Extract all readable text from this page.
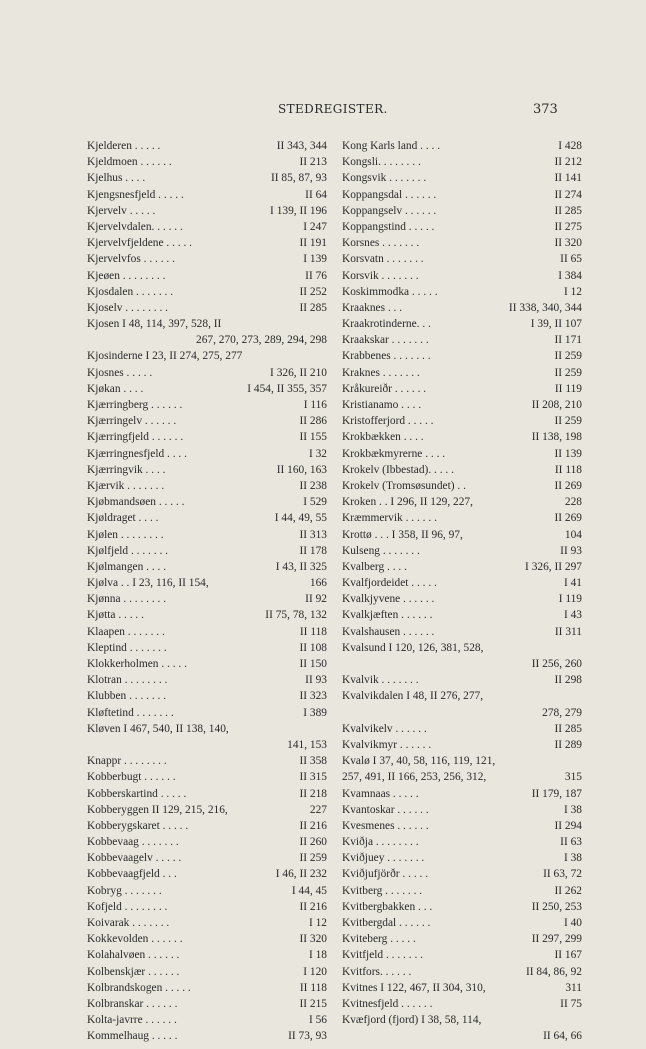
STEDREGISTER.	373
Kjelderen . . . . .	II 343, 344
Kjeldmoen . . . . . .	II 213
Kjelhus . . . .	II 85, 87, 93
Kjengsnesfjeld . . . . .	II 64
Kjervelv . . . . .	I 139, II 196
Kjervelvdalen. . . . . .	I 247
Kjervelvfjeldene . . . . .	II 191
Kjervelvfos . . . . . .	I 139
Kjeøen . . . . . . . .	II 76
Kjosdalen . . . . . . .	II 252
Kjoselv . . . . . . . .	II 285
Kjosen I 48, 114, 397, 528, II
267, 270, 273, 289, 294, 298
Kjosinderne I 23, II 274, 275, 277
Kjosnes . . . . .	I 326, II 210
Kjøkan . . . .	I 454, II 355, 357
Kjærringberg . . . . . .	I 116
Kjærringelv . . . . . .	II 286
Kjærringfjeld . . . . . .	II 155
Kjærringnesfjeld . . . .	I 32
Kjærringvik . . . .	II 160, 163
Kjærvik . . . . . . .	II 238
Kjøbmandsøen . . . . .	I 529
Kjøldraget . . . .	I 44, 49, 55
Kjølen . . . . . . . .	II 313
Kjølfjeld . . . . . . .	II 178
Kjølmangen . . . .	I 43, II 325
Kjølva . . I 23, 116, II 154,	166
Kjønna . . . . . . . .	II 92
Kjøtta . . . . .	II 75, 78, 132
Klaapen . . . . . . .	II 118
Kleptind . . . . . . .	II 108
Klokkerholmen . . . . .	II 150
Klotran . . . . . . . .	II 93
Klubben . . . . . . .	II 323
Kløftetind . . . . . . .	I 389
Kløven I 467, 540, II 138, 140,
141, 153
Knappr . . . . . . . .	II 358
Kobberbugt . . . . . .	II 315
Kobberskartind . . . . .	II 218
Kobberyggen II 129, 215, 216,	227
Kobberygskaret . . . . .	II 216
Kobbevaag . . . . . . .	II 260
Kobbevaagelv . . . . .	II 259
Kobbevaagfjeld . . .	I 46, II 232
Kobryg . . . . . . .	I 44, 45
Kofjeld . . . . . . . .	II 216
Koivarak . . . . . . .	I 12
Kokkevolden . . . . . .	II 320
Kolahalvøen . . . . . .	I 18
Kolbenskjær . . . . . .	I 120
Kolbrandskogen . . . . .	II 118
Kolbranskar . . . . . .	II 215
Kolta-javrre . . . . . .	I 56
Kommelhaug . . . . .	II 73, 93
Kong Karls land . . . .	I 428
Kongsli. . . . . . . .	II 212
Kongsvik . . . . . . .	II 141
Koppangsdal . . . . . .	II 274
Koppangselv . . . . . .	II 285
Koppangstind . . . . .	II 275
Korsnes . . . . . . .	II 320
Korsvatn . . . . . . .	II 65
Korsvik . . . . . . .	I 384
Koskimmodka . . . . .	I 12
Kraaknes . . .	II 338, 340, 344
Kraakrotinderne. . .	I 39, II 107
Kraakskar . . . . . . .	II 171
Krabbenes . . . . . . .	II 259
Kraknes . . . . . . .	II 259
Kråkureiðr . . . . . .	II 119
Kristianamo . . . .	II 208, 210
Kristofferjord . . . . .	II 259
Krokbækken . . . .	II 138, 198
Krokbækmyrerne . . . .	II 139
Krokelv (Ibbestad). . . . .	II 118
Krokelv (Tromsøsundet) . .	II 269
Kroken . . I 296, II 129, 227,	228
Kræmmervik . . . . . .	II 269
Krottø . . . I 358, II 96, 97,	104
Kulseng . . . . . . .	II 93
Kvalberg . . . .	I 326, II 297
Kvalfjordeidet . . . . .	I 41
Kvalkjyvene . . . . . .	I 119
Kvalkjæften . . . . . .	I 43
Kvalshausen . . . . . .	II 311
Kvalsund I 120, 126, 381, 528,
II 256, 260
Kvalvik . . . . . . .	II 298
Kvalvikdalen I 48, II 276, 277,
278, 279
Kvalvikelv . . . . . .	II 285
Kvalvikmyr . . . . . .	II 289
Kvalø I 37, 40, 58, 116, 119, 121,
257, 491, II 166, 253, 256, 312,	315
Kvamnaas . . . . .	II 179, 187
Kvantoskar . . . . . .	I 38
Kvesmenes . . . . . .	II 294
Kviðja . . . . . . . .	II 63
Kviðjuey . . . . . . .	I 38
Kviðjufjörðr . . . . .	II 63, 72
Kvitberg . . . . . . .	II 262
Kvitbergbakken . . .	II 250, 253
Kvitbergdal . . . . . .	I 40
Kviteberg . . . . .	II 297, 299
Kvitfjeld . . . . . . .	II 167
Kvitfors. . . . . .	II 84, 86, 92
Kvitnes I 122, 467, II 304, 310,	311
Kvitnesfjeld . . . . . .	II 75
Kvæfjord (fjord) I 38, 58, 114,
II 64, 66
